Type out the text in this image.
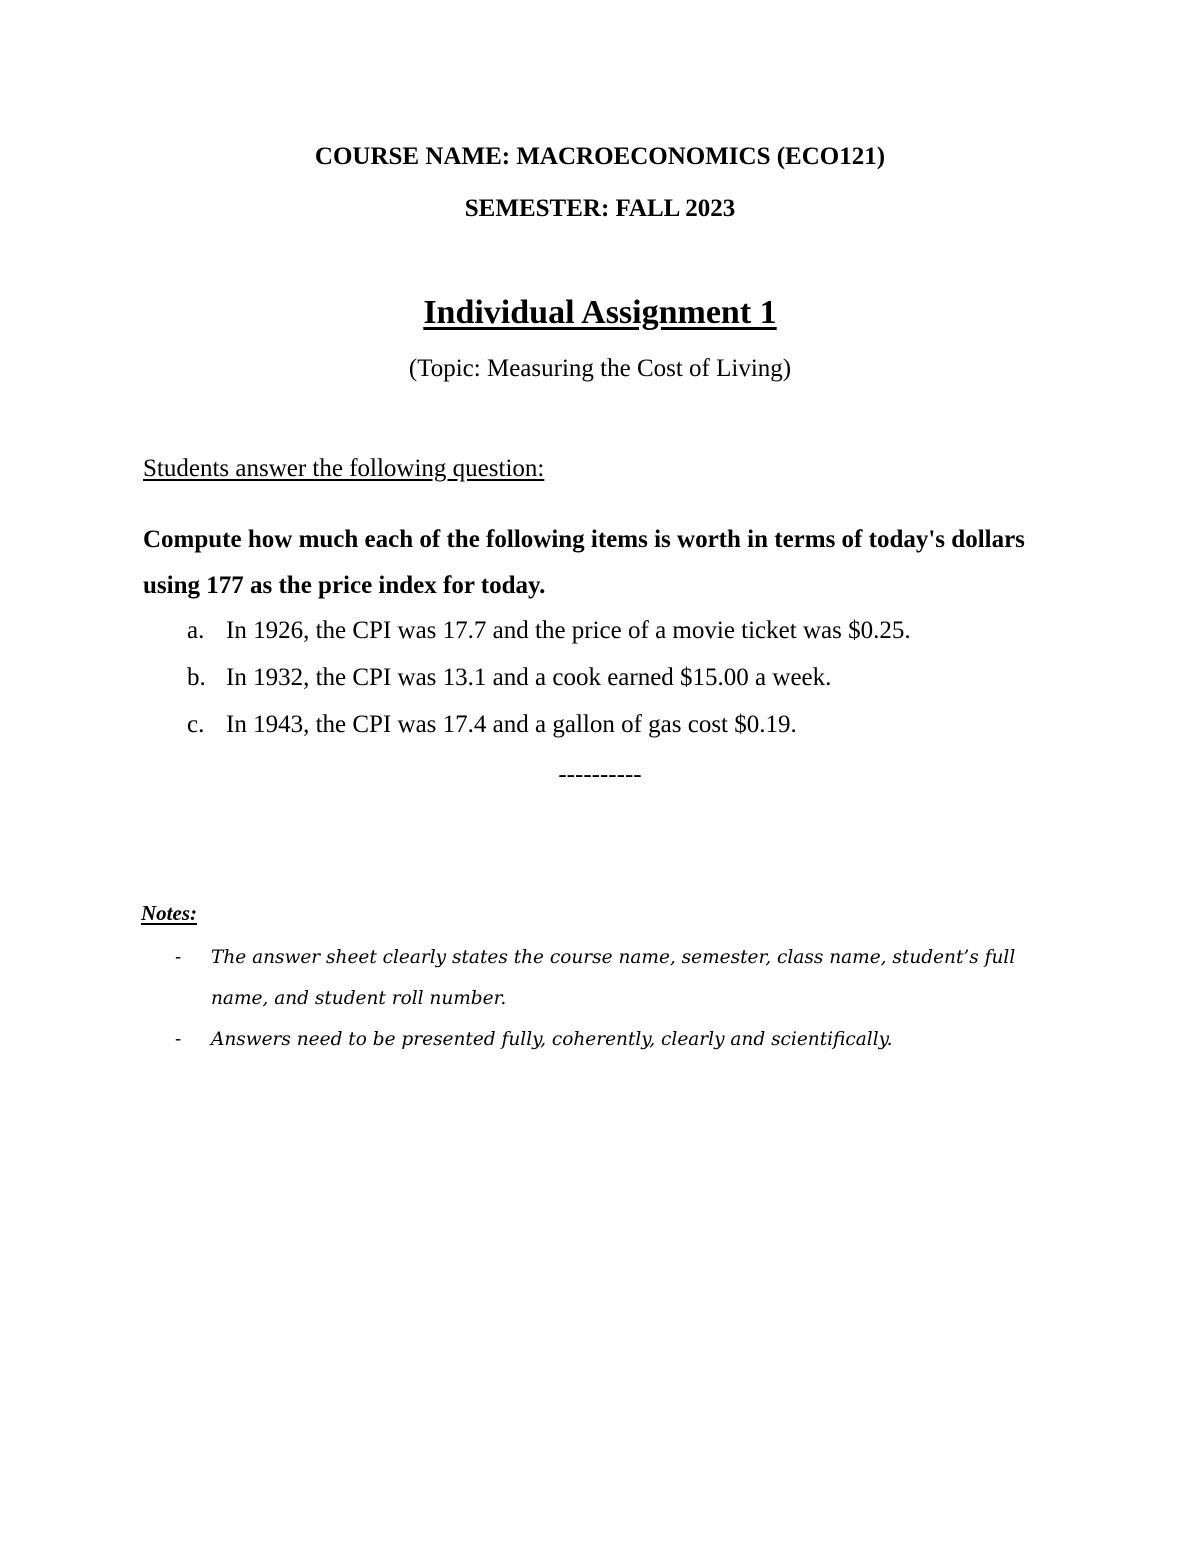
COURSE NAME: MACROECONOMICS (ECO121)
SEMESTER: FALL 2023
Individual Assignment 1
(Topic: Measuring the Cost of Living)
Students answer the following question:
Compute how much each of the following items is worth in terms of today's dollars using 177 as the price index for today.
a. In 1926, the CPI was 17.7 and the price of a movie ticket was $0.25.
b. In 1932, the CPI was 13.1 and a cook earned $15.00 a week.
c. In 1943, the CPI was 17.4 and a gallon of gas cost $0.19.
----------
Notes:
- The answer sheet clearly states the course name, semester, class name, student’s full name, and student roll number.
- Answers need to be presented fully, coherently, clearly and scientifically.
